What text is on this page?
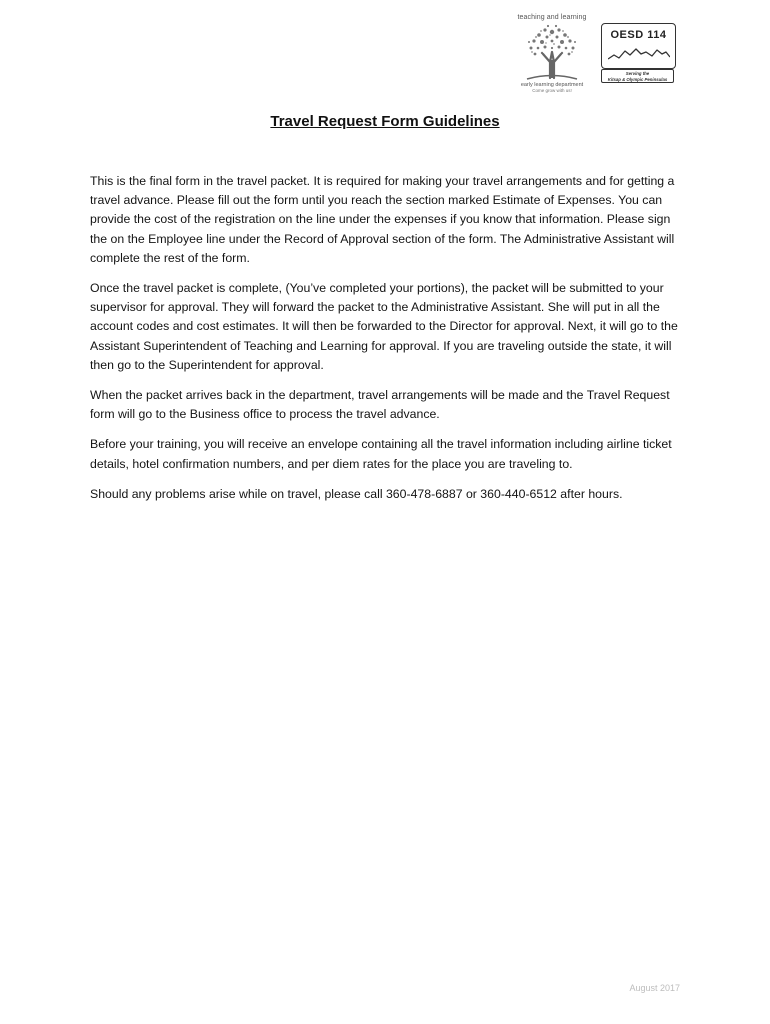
teaching and learning
early learning department
Come grow with us!
OESD 114
Serving the
Kitsap & Olympic Peninsulas
Travel Request Form Guidelines

This is the final form in the travel packet. It is required for making your travel arrangements and for getting a travel advance. Please fill out the form until you reach the section marked Estimate of Expenses. You can provide the cost of the registration on the line under the expenses if you know that information. Please sign the on the Employee line under the Record of Approval section of the form. The Administrative Assistant will complete the rest of the form.

Once the travel packet is complete, (You’ve completed your portions), the packet will be submitted to your supervisor for approval. They will forward the packet to the Administrative Assistant. She will put in all the account codes and cost estimates. It will then be forwarded to the Director for approval. Next, it will go to the Assistant Superintendent of Teaching and Learning for approval. If you are traveling outside the state, it will then go to the Superintendent for approval.

When the packet arrives back in the department, travel arrangements will be made and the Travel Request form will go to the Business office to process the travel advance.

Before your training, you will receive an envelope containing all the travel information including airline ticket details, hotel confirmation numbers, and per diem rates for the place you are traveling to.

Should any problems arise while on travel, please call 360-478-6887 or 360-440-6512 after hours.

August 2017
